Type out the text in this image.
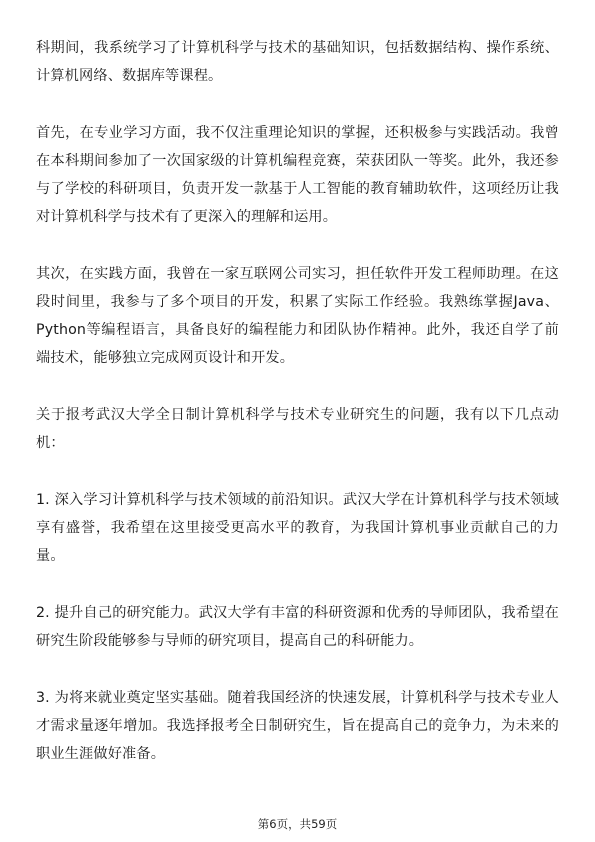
科期间，我系统学习了计算机科学与技术的基础知识，包括数据结构、操作系统、计算机网络、数据库等课程。

首先，在专业学习方面，我不仅注重理论知识的掌握，还积极参与实践活动。我曾在本科期间参加了一次国家级的计算机编程竞赛，荣获团队一等奖。此外，我还参与了学校的科研项目，负责开发一款基于人工智能的教育辅助软件，这项经历让我对计算机科学与技术有了更深入的理解和运用。

其次，在实践方面，我曾在一家互联网公司实习，担任软件开发工程师助理。在这段时间里，我参与了多个项目的开发，积累了实际工作经验。我熟练掌握Java、Python等编程语言，具备良好的编程能力和团队协作精神。此外，我还自学了前端技术，能够独立完成网页设计和开发。

关于报考武汉大学全日制计算机科学与技术专业研究生的问题，我有以下几点动机：

1. 深入学习计算机科学与技术领域的前沿知识。武汉大学在计算机科学与技术领域享有盛誉，我希望在这里接受更高水平的教育，为我国计算机事业贡献自己的力量。

2. 提升自己的研究能力。武汉大学有丰富的科研资源和优秀的导师团队，我希望在研究生阶段能够参与导师的研究项目，提高自己的科研能力。

3. 为将来就业奠定坚实基础。随着我国经济的快速发展，计算机科学与技术专业人才需求量逐年增加。我选择报考全日制研究生，旨在提高自己的竞争力，为未来的职业生涯做好准备。

第6页，共59页
